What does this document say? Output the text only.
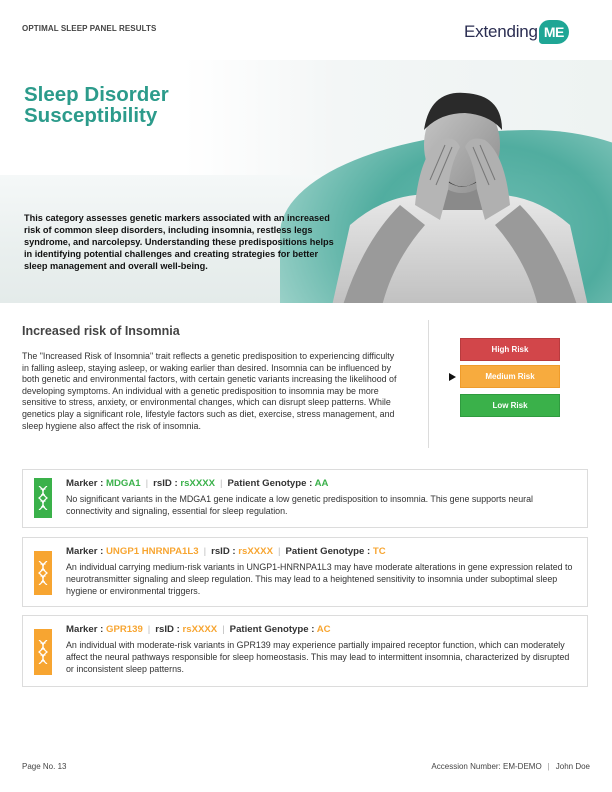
OPTIMAL SLEEP PANEL RESULTS	Extending ME
Sleep Disorder
Susceptibility
This category assesses genetic markers associated with an increased risk of common sleep disorders, including insomnia, restless legs syndrome, and narcolepsy. Understanding these predispositions helps in identifying potential challenges and creating strategies for better sleep management and overall well-being.
Increased risk of Insomnia
The "Increased Risk of Insomnia" trait reflects a genetic predisposition to experiencing difficulty in falling asleep, staying asleep, or waking earlier than desired. Insomnia can be influenced by both genetic and environmental factors, with certain genetic variants increasing the likelihood of developing symptoms. An individual with a genetic predisposition to insomnia may be more sensitive to stress, anxiety, or environmental changes, which can disrupt sleep patterns. While genetics play a significant role, lifestyle factors such as diet, exercise, stress management, and sleep hygiene also affect the risk of insomnia.
High Risk
Medium Risk
Low Risk
Marker : MDGA1 | rsID : rsXXXX | Patient Genotype : AA
No significant variants in the MDGA1 gene indicate a low genetic predisposition to insomnia. This gene supports neural connectivity and signaling, essential for sleep regulation.
Marker : UNGP1 HNRNPA1L3 | rsID : rsXXXX | Patient Genotype : TC
An individual carrying medium-risk variants in UNGP1-HNRNPA1L3 may have moderate alterations in gene expression related to neurotransmitter signaling and sleep regulation. This may lead to a heightened sensitivity to insomnia under suboptimal sleep hygiene or environmental triggers.
Marker : GPR139 | rsID : rsXXXX | Patient Genotype : AC
An individual with moderate-risk variants in GPR139 may experience partially impaired receptor function, which can moderately affect the neural pathways responsible for sleep homeostasis. This may lead to intermittent insomnia, characterized by disrupted or inconsistent sleep patterns.
Page No. 13	Accession Number: EM-DEMO | John Doe
